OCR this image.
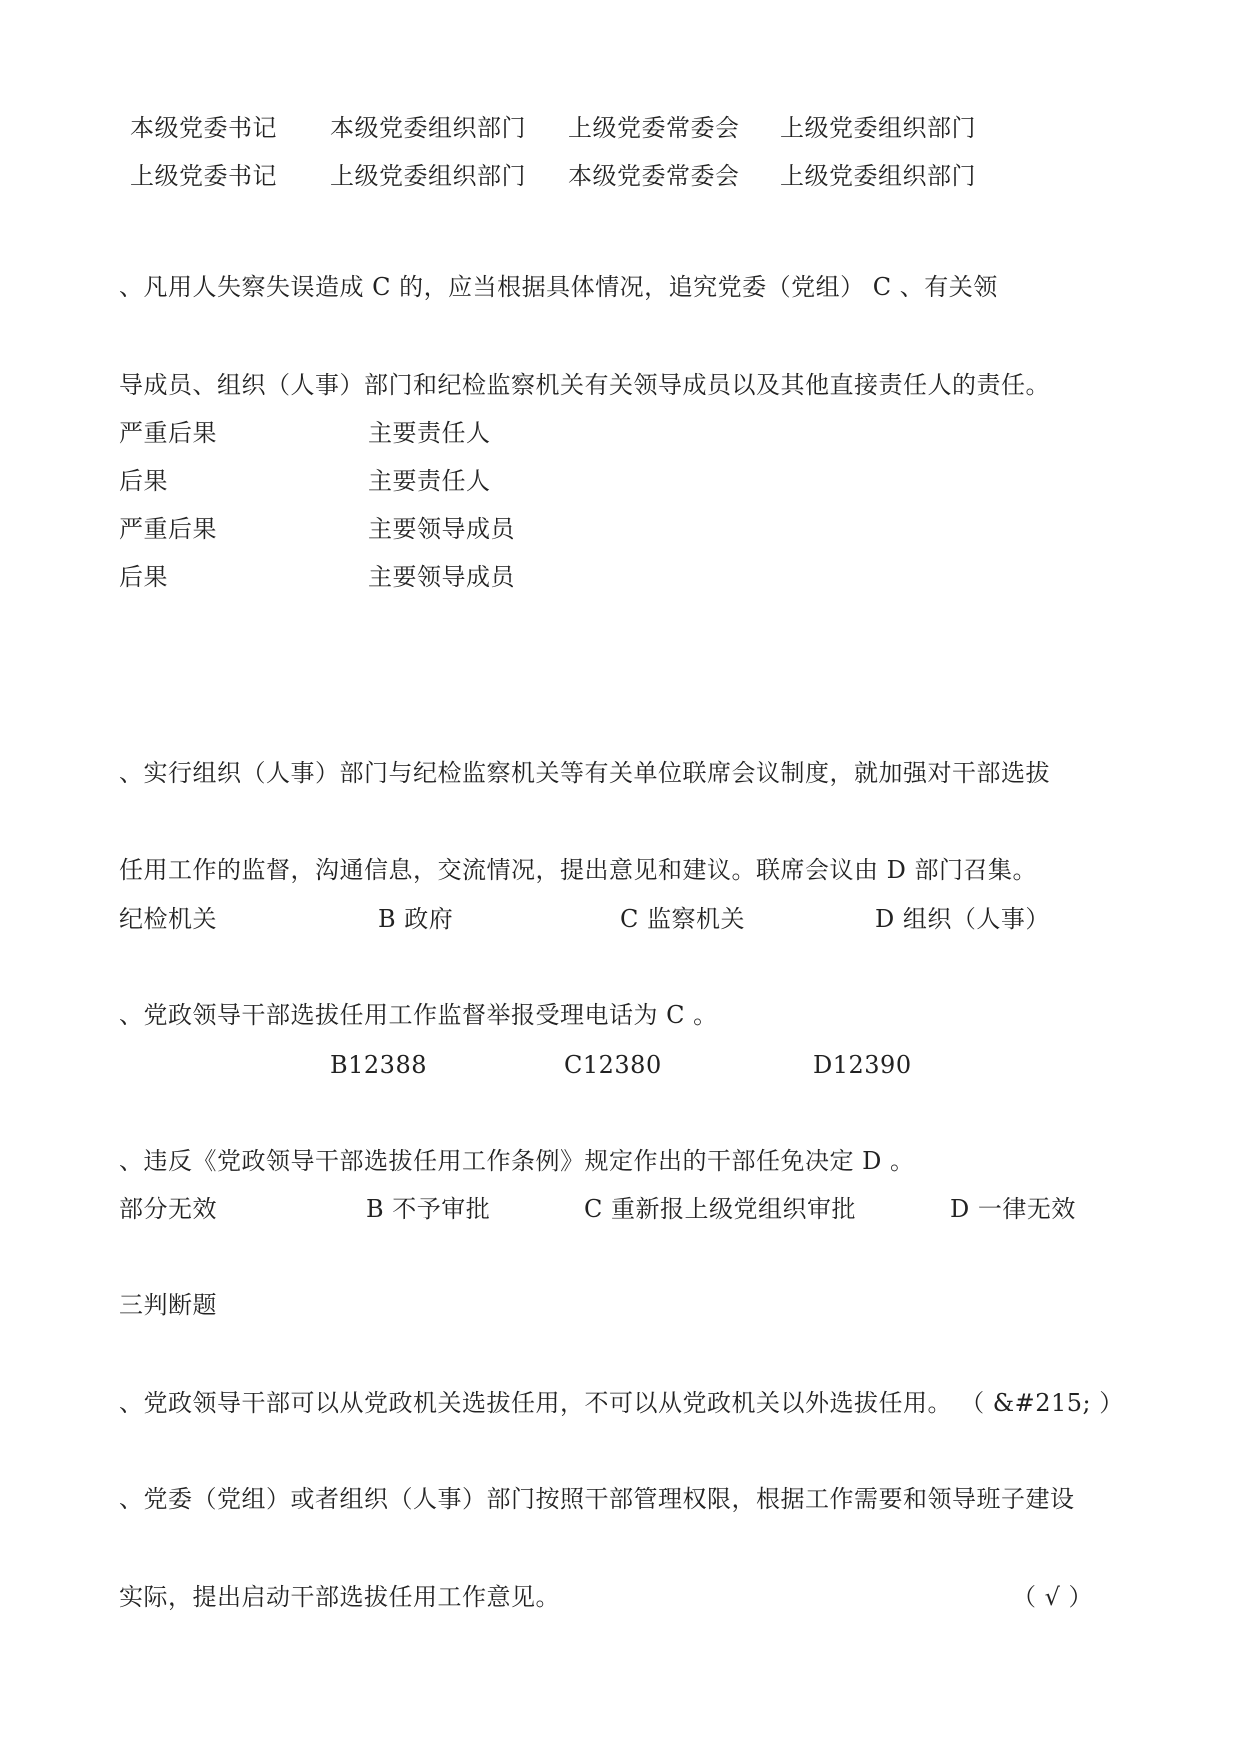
本级党委书记 本级党委组织部门 上级党委常委会 上级党委组织部门
上级党委书记 上级党委组织部门 本级党委常委会 上级党委组织部门
、凡用人失察失误造成 C 的，应当根据具体情况，追究党委（党组） C 、有关领
导成员、组织（人事）部门和纪检监察机关有关领导成员以及其他直接责任人的责任。
严重后果	主要责任人
后果	主要责任人
严重后果	主要领导成员
后果	主要领导成员
、实行组织（人事）部门与纪检监察机关等有关单位联席会议制度，就加强对干部选拔
任用工作的监督，沟通信息，交流情况，提出意见和建议。联席会议由 D 部门召集。
纪检机关	B 政府	C 监察机关	D 组织（人事）
、党政领导干部选拔任用工作监督举报受理电话为 C 。
B12388	C12380	D12390
、违反《党政领导干部选拔任用工作条例》规定作出的干部任免决定 D 。
部分无效	B 不予审批	C 重新报上级党组织审批	D 一律无效
三判断题
、党政领导干部可以从党政机关选拔任用，不可以从党政机关以外选拔任用。 （ &#215; ）
、党委（党组）或者组织（人事）部门按照干部管理权限，根据工作需要和领导班子建设
实际，提出启动干部选拔任用工作意见。	（ √ ）
